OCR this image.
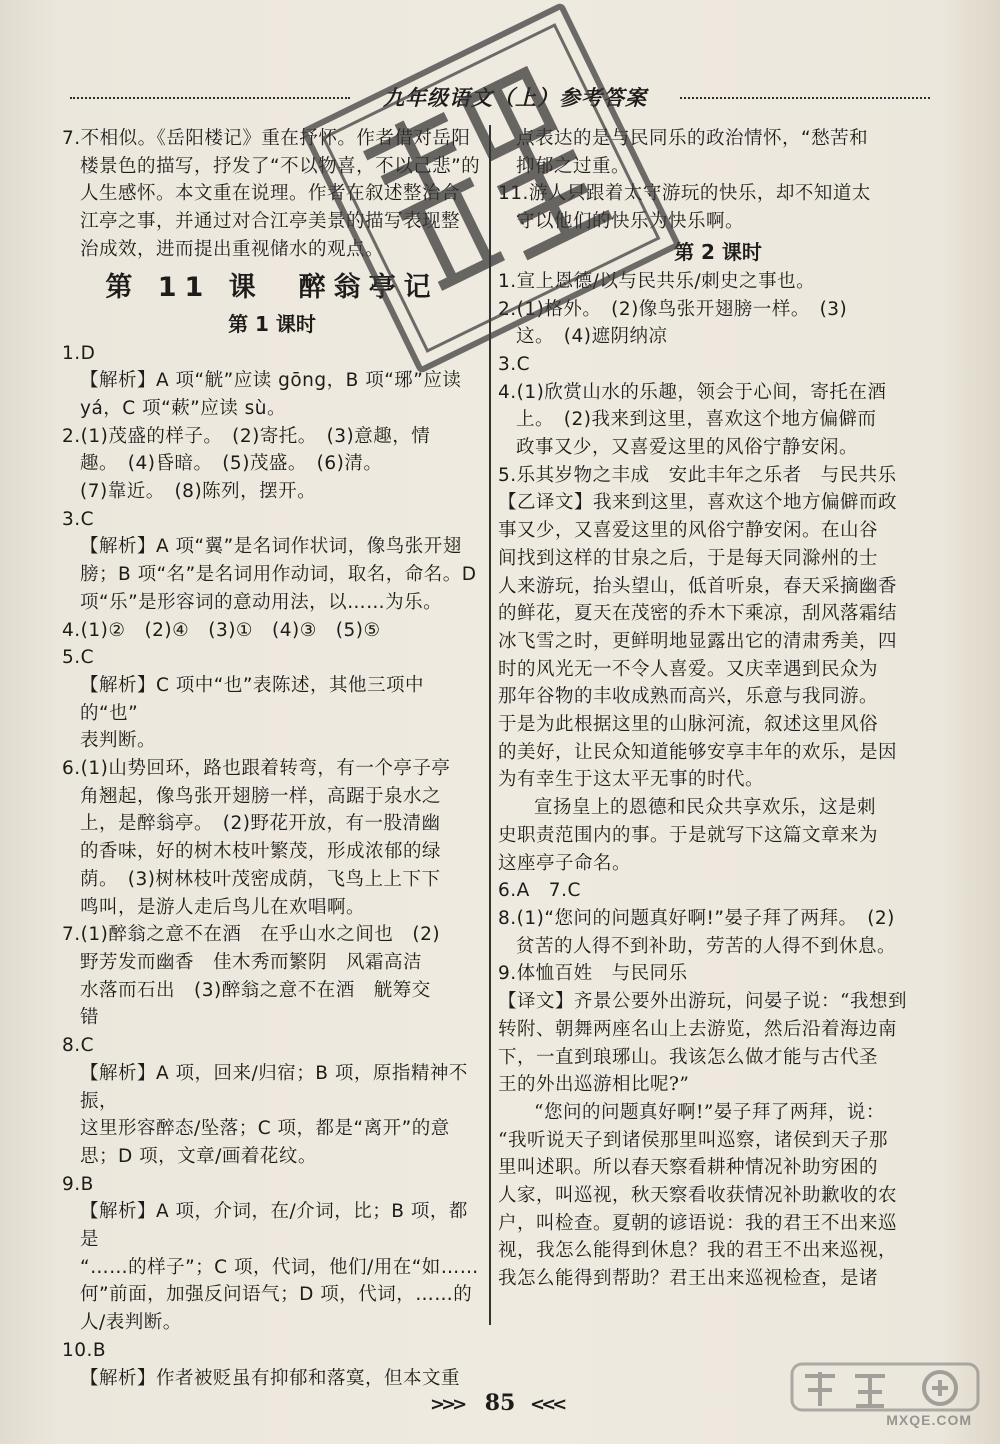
九年级语文（上）参考答案

7.不相似。《岳阳楼记》重在抒怀。作者借对岳阳

楼景色的描写，抒发了“不以物喜，不以己悲”的

人生感怀。本文重在说理。作者在叙述整治合

江亭之事，并通过对合江亭美景的描写表现整

治成效，进而提出重视储水的观点。

第 11 课　醉翁亭记
第 1 课时

1.D

【解析】A 项“觥”应读 gōng，B 项“琊”应读

yá，C 项“蔌”应读 sù。

2.(1)茂盛的样子。　(2)寄托。　(3)意趣，情

趣。　(4)昏暗。　(5)茂盛。　(6)清。

(7)靠近。　(8)陈列，摆开。

3.C

【解析】A 项“翼”是名词作状词，像鸟张开翅

膀；B 项“名”是名词用作动词，取名，命名。D

项“乐”是形容词的意动用法，以……为乐。

4.(1)②　(2)④　(3)①　(4)③　(5)⑤

5.C

【解析】C 项中“也”表陈述，其他三项中的“也”

表判断。

6.(1)山势回环，路也跟着转弯，有一个亭子亭

角翘起，像鸟张开翅膀一样，高踞于泉水之

上，是醉翁亭。　(2)野花开放，有一股清幽

的香味，好的树木枝叶繁茂，形成浓郁的绿

荫。　(3)树林枝叶茂密成荫，飞鸟上上下下

鸣叫，是游人走后鸟儿在欢唱啊。

7.(1)醉翁之意不在酒　在乎山水之间也　(2)

野芳发而幽香　佳木秀而繁阴　风霜高洁

水落而石出　(3)醉翁之意不在酒　觥筹交

错

8.C

【解析】A 项，回来/归宿；B 项，原指精神不振，

这里形容醉态/坠落；C 项，都是“离开”的意

思；D 项，文章/画着花纹。

9.B

【解析】A 项，介词，在/介词，比；B 项，都是

“……的样子”；C 项，代词，他们/用在“如……

何”前面，加强反问语气；D 项，代词，……的

人/表判断。

10.B

【解析】作者被贬虽有抑郁和落寞，但本文重

点表达的是与民同乐的政治情怀，“愁苦和

抑郁之过重。

11.游人只跟着太守游玩的快乐，却不知道太

守以他们的快乐为快乐啊。

第 2 课时

1.宣上恩德/以与民共乐/刺史之事也。

2.(1)格外。　(2)像鸟张开翅膀一样。　(3)

这。　(4)遮阴纳凉

3.C

4.(1)欣赏山水的乐趣，领会于心间，寄托在酒

上。　(2)我来到这里，喜欢这个地方偏僻而

政事又少，又喜爱这里的风俗宁静安闲。

5.乐其岁物之丰成　安此丰年之乐者　与民共乐

【乙译文】我来到这里，喜欢这个地方偏僻而政

事又少，又喜爱这里的风俗宁静安闲。在山谷

间找到这样的甘泉之后，于是每天同滁州的士

人来游玩，抬头望山，低首听泉，春天采摘幽香

的鲜花，夏天在茂密的乔木下乘凉，刮风落霜结

冰飞雪之时，更鲜明地显露出它的清肃秀美，四

时的风光无一不令人喜爱。又庆幸遇到民众为

那年谷物的丰收成熟而高兴，乐意与我同游。

于是为此根据这里的山脉河流，叙述这里风俗

的美好，让民众知道能够安享丰年的欢乐，是因

为有幸生于这太平无事的时代。

宣扬皇上的恩德和民众共享欢乐，这是刺

史职责范围内的事。于是就写下这篇文章来为

这座亭子命名。

6.A　7.C

8.(1)“您问的问题真好啊!”晏子拜了两拜。　(2)

贫苦的人得不到补助，劳苦的人得不到休息。

9.体恤百姓　与民同乐

【译文】齐景公要外出游玩，问晏子说：“我想到

转附、朝舞两座名山上去游览，然后沿着海边南

下，一直到琅琊山。我该怎么做才能与古代圣

王的外出巡游相比呢?”

“您问的问题真好啊!”晏子拜了两拜，说：

“我听说天子到诸侯那里叫巡察，诸侯到天子那

里叫述职。所以春天察看耕种情况补助穷困的

人家，叫巡视，秋天察看收获情况补助歉收的农

户，叫检查。夏朝的谚语说：我的君王不出来巡

视，我怎么能得到休息？我的君王不出来巡视，

我怎么能得到帮助？君王出来巡视检查，是诸

>>> 85 <<<
MXQE.COM
